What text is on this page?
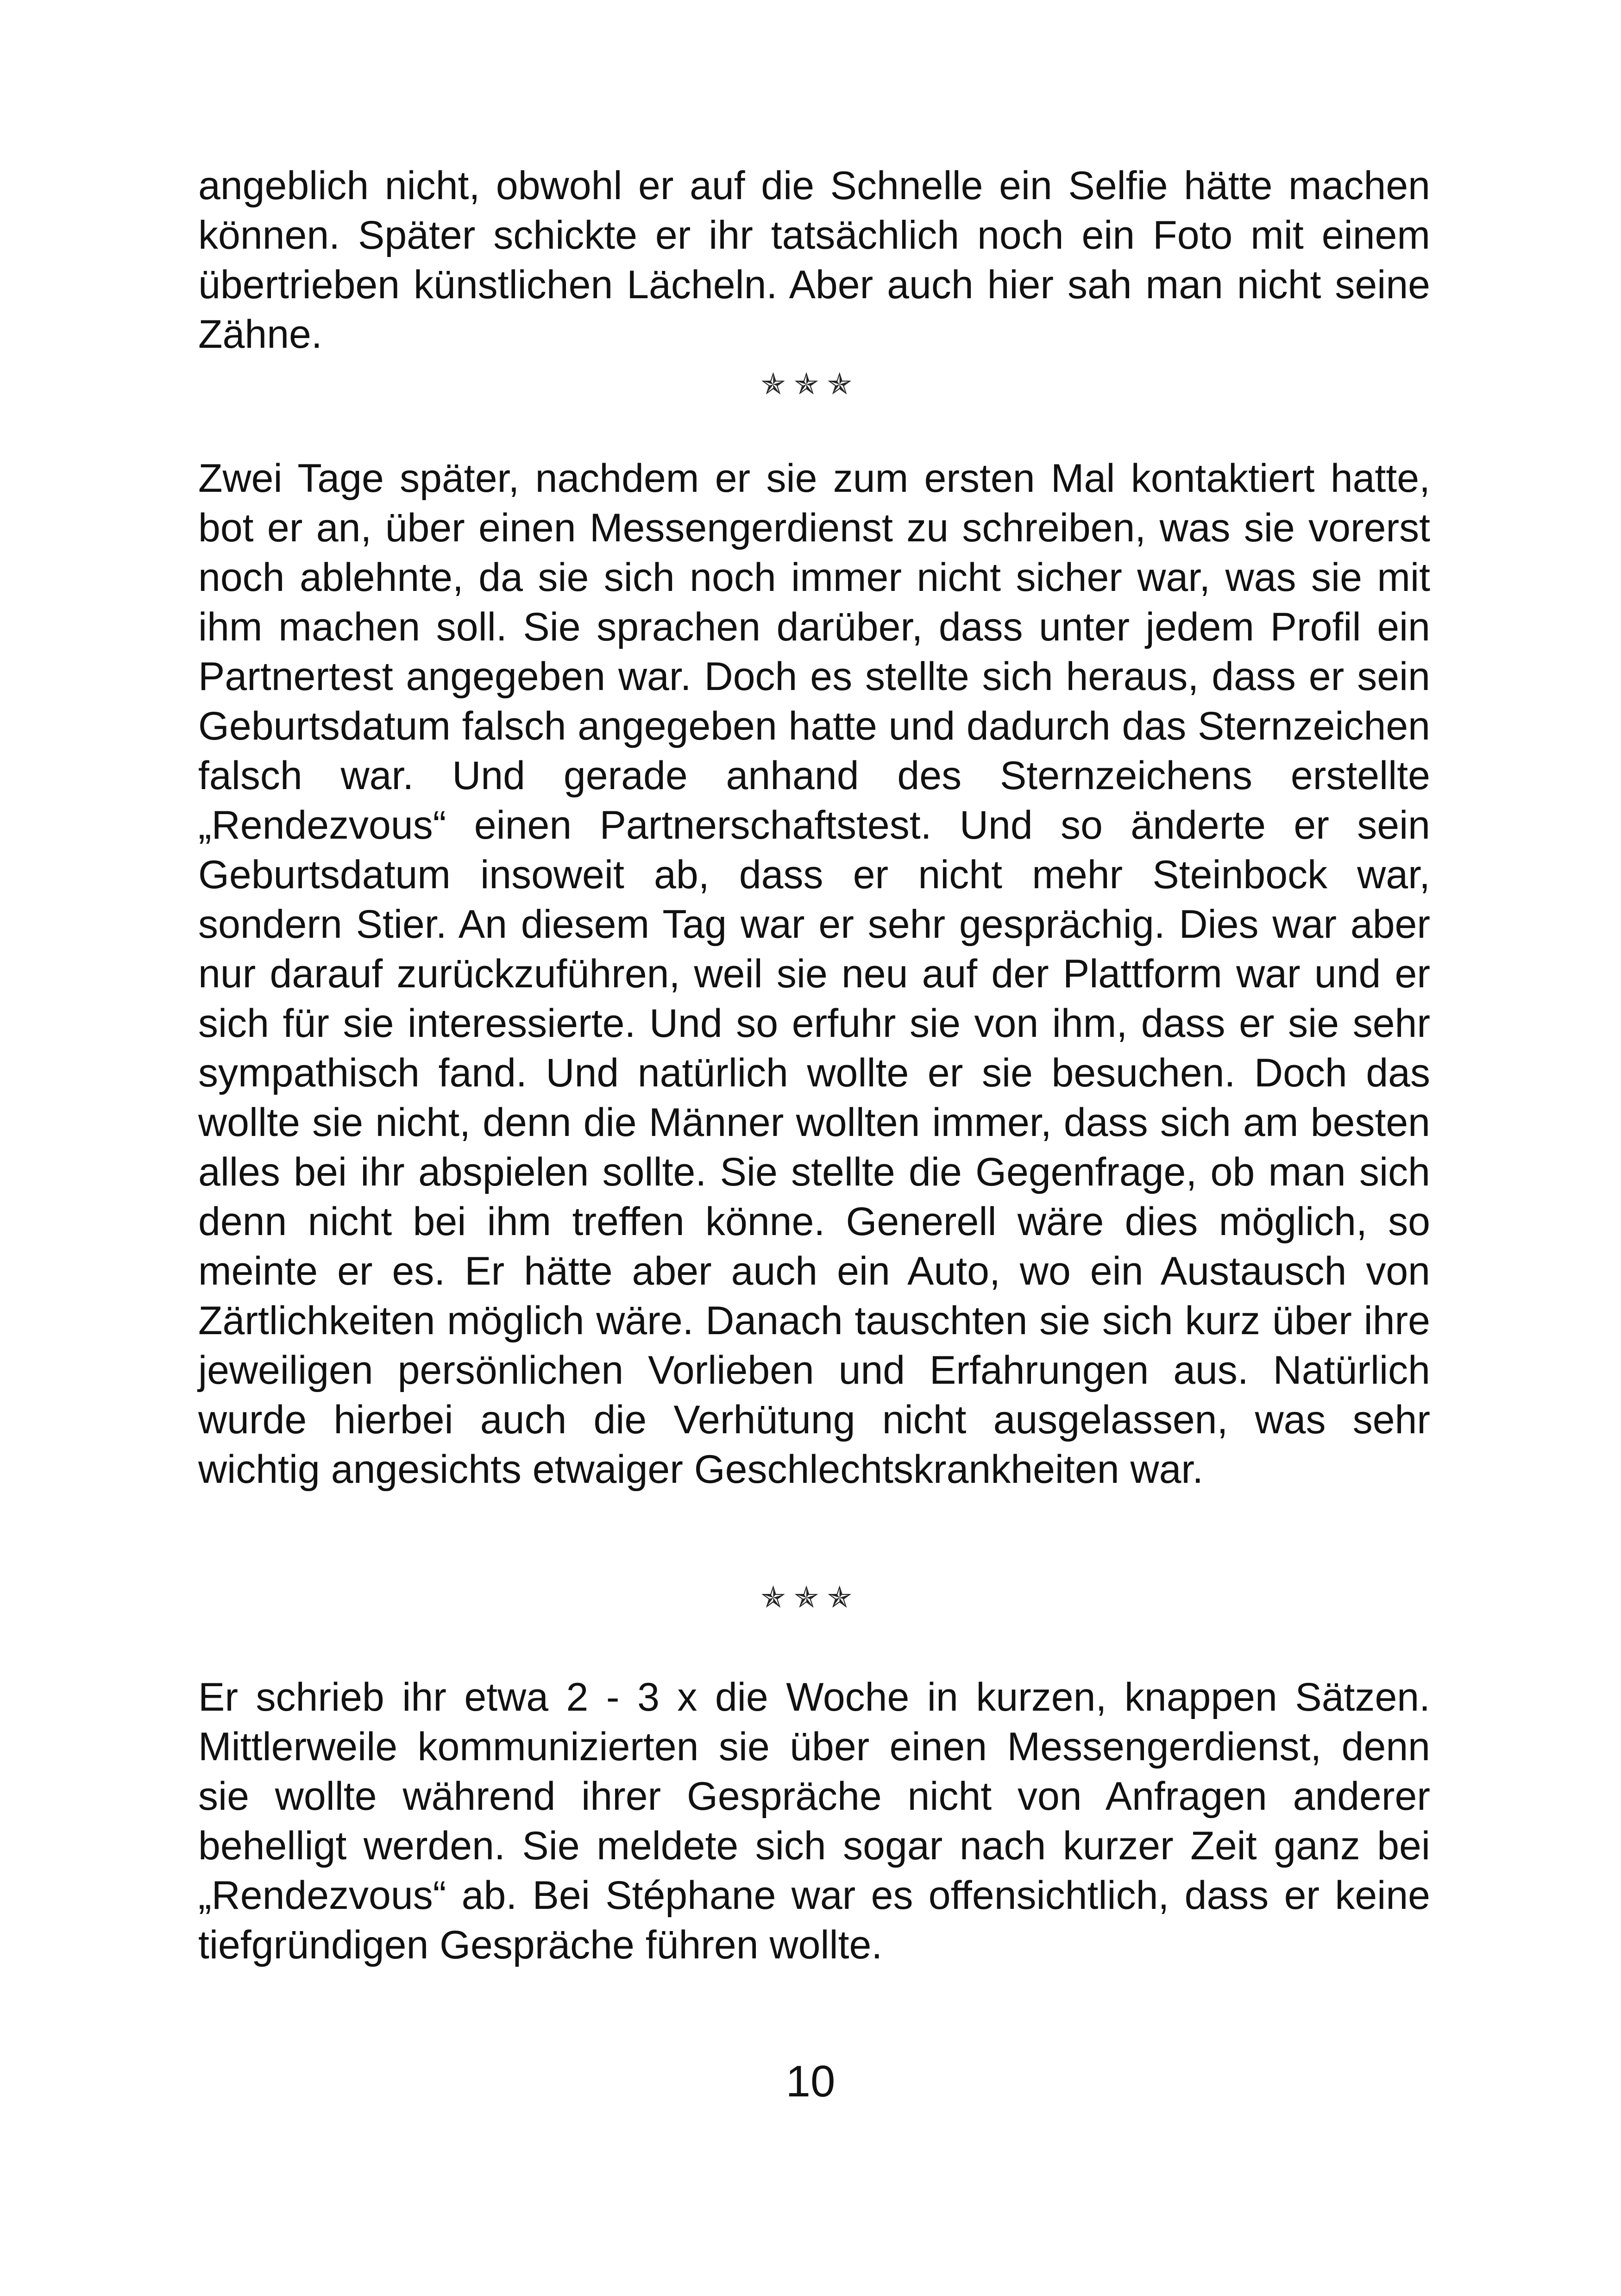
angeblich nicht, obwohl er auf die Schnelle ein Selfie hätte machen können. Später schickte er ihr tatsächlich noch ein Foto mit einem übertrieben künstlichen Lächeln. Aber auch hier sah man nicht seine Zähne.

✯✯✯

Zwei Tage später, nachdem er sie zum ersten Mal kontaktiert hatte, bot er an, über einen Messengerdienst zu schreiben, was sie vorerst noch ablehnte, da sie sich noch immer nicht sicher war, was sie mit ihm machen soll. Sie sprachen darüber, dass unter jedem Profil ein Partnertest angegeben war. Doch es stellte sich heraus, dass er sein Geburtsdatum falsch angegeben hatte und dadurch das Sternzeichen falsch war. Und gerade anhand des Sternzeichens erstellte „Rendezvous“ einen Partnerschaftstest. Und so änderte er sein Geburtsdatum insoweit ab, dass er nicht mehr Steinbock war, sondern Stier. An diesem Tag war er sehr gesprächig. Dies war aber nur darauf zurückzuführen, weil sie neu auf der Plattform war und er sich für sie interessierte. Und so erfuhr sie von ihm, dass er sie sehr sympathisch fand. Und natürlich wollte er sie besuchen. Doch das wollte sie nicht, denn die Männer wollten immer, dass sich am besten alles bei ihr abspielen sollte. Sie stellte die Gegenfrage, ob man sich denn nicht bei ihm treffen könne. Generell wäre dies möglich, so meinte er es. Er hätte aber auch ein Auto, wo ein Austausch von Zärtlichkeiten möglich wäre. Danach tauschten sie sich kurz über ihre jeweiligen persönlichen Vorlieben und Erfahrungen aus. Natürlich wurde hierbei auch die Verhütung nicht ausgelassen, was sehr wichtig angesichts etwaiger Geschlechtskrankheiten war.

✯✯✯

Er schrieb ihr etwa 2 - 3 x die Woche in kurzen, knappen Sätzen. Mittlerweile kommunizierten sie über einen Messengerdienst, denn sie wollte während ihrer Gespräche nicht von Anfragen anderer behelligt werden. Sie meldete sich sogar nach kurzer Zeit ganz bei „Rendezvous“ ab. Bei Stéphane war es offensichtlich, dass er keine tiefgründigen Gespräche führen wollte.

10
